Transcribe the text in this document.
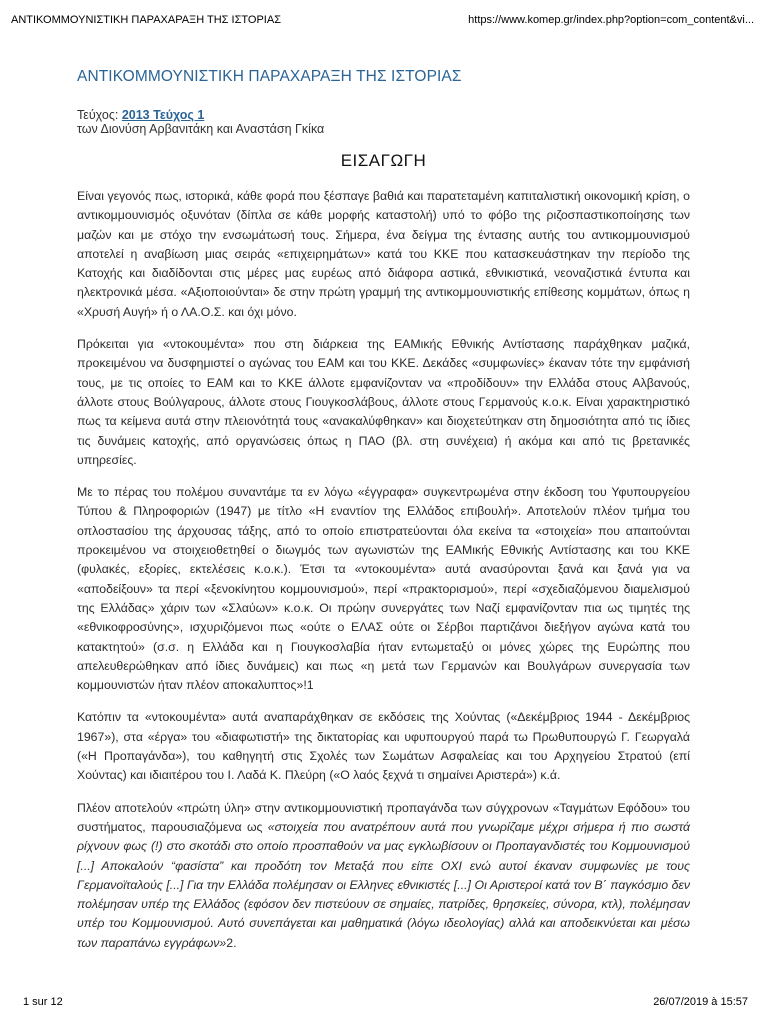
ΑΝΤΙΚΟΜΜΟΥΝΙΣΤΙΚΗ ΠΑΡΑΧΑΡΑΞΗ ΤΗΣ ΙΣΤΟΡΙΑΣ	https://www.komep.gr/index.php?option=com_content&vi...
ΑΝΤΙΚΟΜΜΟΥΝΙΣΤΙΚΗ ΠΑΡΑΧΑΡΑΞΗ ΤΗΣ ΙΣΤΟΡΙΑΣ
Τεύχος: 2013 Τεύχος 1
των Διονύση Αρβανιτάκη και Αναστάση Γκίκα
ΕΙΣΑΓΩΓΗ

Είναι γεγονός πως, ιστορικά, κάθε φορά που ξέσπαγε βαθιά και παρατεταμένη καπιταλιστική οικονομική κρίση, ο αντικομμουνισμός οξυνόταν (δίπλα σε κάθε μορφής καταστολή) υπό το φόβο της ριζοσπαστικοποίησης των μαζών και με στόχο την ενσωμάτωσή τους. Σήμερα, ένα δείγμα της έντασης αυτής του αντικομμουνισμού αποτελεί η αναβίωση μιας σειράς «επιχειρημάτων» κατά του ΚΚΕ που κατασκευάστηκαν την περίοδο της Κατοχής και διαδίδονται στις μέρες μας ευρέως από διάφορα αστικά, εθνικιστικά, νεοναζιστικά έντυπα και ηλεκτρονικά μέσα. «Αξιοποιούνται» δε στην πρώτη γραμμή της αντικομμουνιστικής επίθεσης κομμάτων, όπως η «Χρυσή Αυγή» ή ο ΛΑ.Ο.Σ. και όχι μόνο.

Πρόκειται για «ντοκουμέντα» που στη διάρκεια της ΕΑΜικής Εθνικής Αντίστασης παράχθηκαν μαζικά, προκειμένου να δυσφημιστεί ο αγώνας του ΕΑΜ και του ΚΚΕ. Δεκάδες «συμφωνίες» έκαναν τότε την εμφάνισή τους, με τις οποίες το ΕΑΜ και το ΚΚΕ άλλοτε εμφανίζονταν να «προδίδουν» την Ελλάδα στους Αλβανούς, άλλοτε στους Βούλγαρους, άλλοτε στους Γιουγκοσλάβους, άλλοτε στους Γερμανούς κ.ο.κ. Είναι χαρακτηριστικό πως τα κείμενα αυτά στην πλειονότητά τους «ανακαλύφθηκαν» και διοχετεύτηκαν στη δημοσιότητα από τις ίδιες τις δυνάμεις κατοχής, από οργανώσεις όπως η ΠΑΟ (βλ. στη συνέχεια) ή ακόμα και από τις βρετανικές υπηρεσίες.

Με το πέρας του πολέμου συναντάμε τα εν λόγω «έγγραφα» συγκεντρωμένα στην έκδοση του Υφυπουργείου Τύπου & Πληροφοριών (1947) με τίτλο «Η εναντίον της Ελλάδος επιβουλή». Αποτελούν πλέον τμήμα του οπλοστασίου της άρχουσας τάξης, από το οποίο επιστρατεύονται όλα εκείνα τα «στοιχεία» που απαιτούνται προκειμένου να στοιχειοθετηθεί ο διωγμός των αγωνιστών της ΕΑΜικής Εθνικής Αντίστασης και του ΚΚΕ (φυλακές, εξορίες, εκτελέσεις κ.ο.κ.). Έτσι τα «ντοκουμέντα» αυτά ανασύρονται ξανά και ξανά για να «αποδείξουν» τα περί «ξενοκίνητου κομμουνισμού», περί «πρακτορισμού», περί «σχεδιαζόμενου διαμελισμού της Ελλάδας» χάριν των «Σλαύων» κ.ο.κ. Οι πρώην συνεργάτες των Ναζί εμφανίζονταν πια ως τιμητές της «εθνικοφροσύνης», ισχυριζόμενοι πως «ούτε ο ΕΛΑΣ ούτε οι Σέρβοι παρτιζάνοι διεξήγον αγώνα κατά του κατακτητού» (σ.σ. η Ελλάδα και η Γιουγκοσλαβία ήταν εντωμεταξύ οι μόνες χώρες της Ευρώπης που απελευθερώθηκαν από ίδιες δυνάμεις) και πως «η μετά των Γερμανών και Βουλγάρων συνεργασία των κομμουνιστών ήταν πλέον αποκαλυπτος»!1

Κατόπιν τα «ντοκουμέντα» αυτά αναπαράχθηκαν σε εκδόσεις της Χούντας («Δεκέμβριος 1944 - Δεκέμβριος 1967»), στα «έργα» του «διαφωτιστή» της δικτατορίας και υφυπουργού παρά τω Πρωθυπουργώ Γ. Γεωργαλά («Η Προπαγάνδα»), του καθηγητή στις Σχολές των Σωμάτων Ασφαλείας και του Αρχηγείου Στρατού (επί Χούντας) και ιδιαιτέρου του Ι. Λαδά Κ. Πλεύρη («Ο λαός ξεχνά τι σημαίνει Αριστερά») κ.ά.

Πλέον αποτελούν «πρώτη ύλη» στην αντικομμουνιστική προπαγάνδα των σύγχρονων «Ταγμάτων Εφόδου» του συστήματος, παρουσιαζόμενα ως «στοιχεία που ανατρέπουν αυτά που γνωρίζαμε μέχρι σήμερα ή πιο σωστά ρίχνουν φως (!) στο σκοτάδι στο οποίο προσπαθούν να μας εγκλωβίσουν οι Προπαγανδιστές του Κομμουνισμού [...] Αποκαλούν “φασίστα” και προδότη τον Μεταξά που είπε ΟΧΙ ενώ αυτοί έκαναν συμφωνίες με τους Γερμανοϊταλούς [...] Για την Ελλάδα πολέμησαν οι Ελληνες εθνικιστές [...] Οι Αριστεροί κατά τον Β΄ παγκόσμιο δεν πολέμησαν υπέρ της Ελλάδος (εφόσον δεν πιστεύουν σε σημαίες, πατρίδες, θρησκείες, σύνορα, κτλ), πολέμησαν υπέρ του Κομμουνισμού. Αυτό συνεπάγεται και μαθηματικά (λόγω ιδεολογίας) αλλά και αποδεικνύεται και μέσω των παραπάνω εγγράφων»2.

1 sur 12	26/07/2019 à 15:57
